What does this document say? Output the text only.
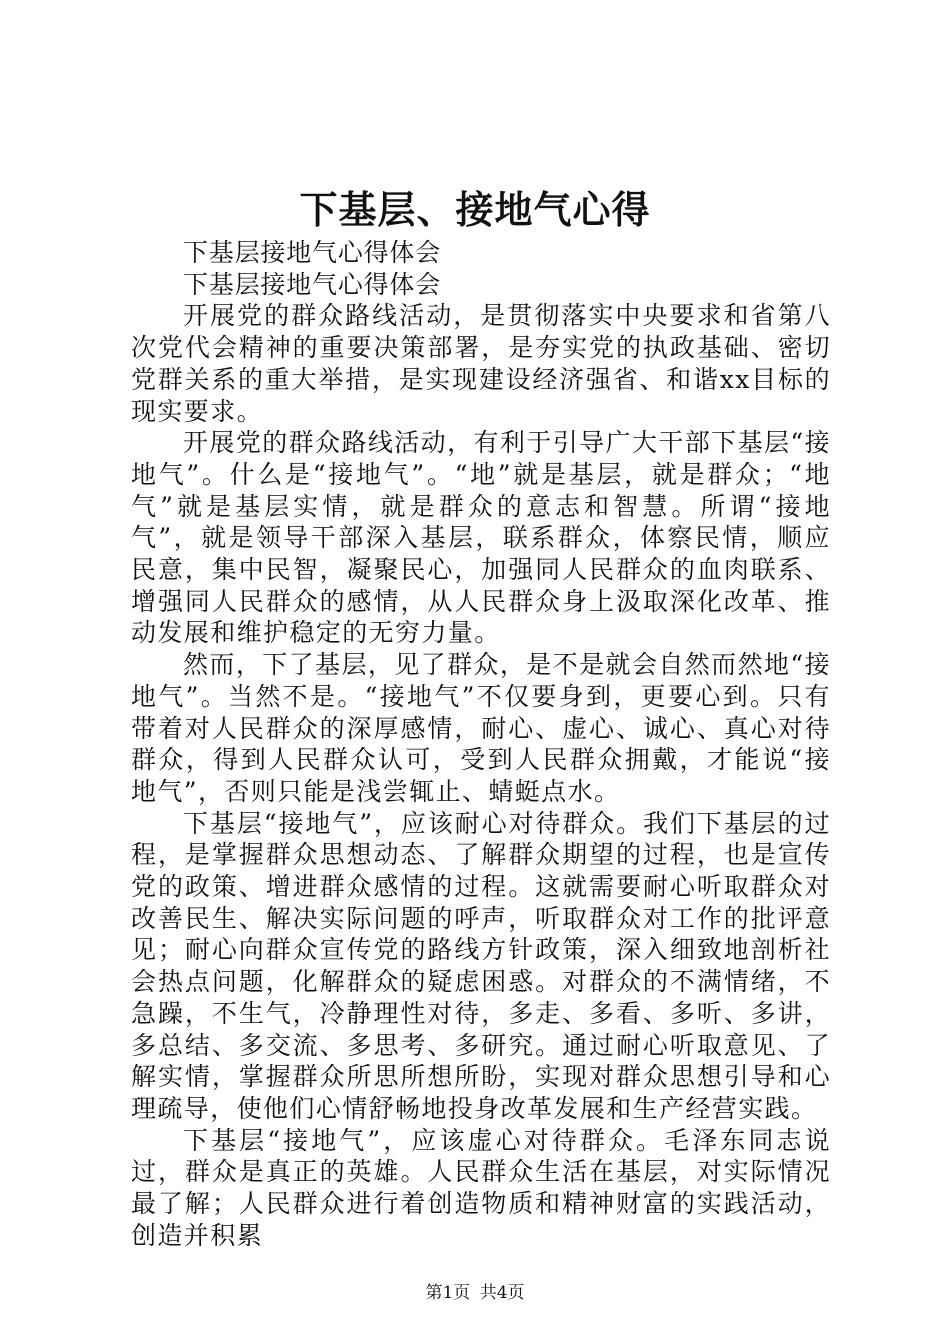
下基层、接地气心得

下基层接地气心得体会

下基层接地气心得体会

开展党的群众路线活动，是贯彻落实中央要求和省第八次党代会精神的重要决策部署，是夯实党的执政基础、密切党群关系的重大举措，是实现建设经济强省、和谐xx目标的现实要求。

开展党的群众路线活动，有利于引导广大干部下基层“接地气”。什么是“接地气”。“地”就是基层，就是群众；“地气”就是基层实情，就是群众的意志和智慧。所谓“接地气”，就是领导干部深入基层，联系群众，体察民情，顺应民意，集中民智，凝聚民心，加强同人民群众的血肉联系、增强同人民群众的感情，从人民群众身上汲取深化改革、推动发展和维护稳定的无穷力量。

然而，下了基层，见了群众，是不是就会自然而然地“接地气”。当然不是。“接地气”不仅要身到，更要心到。只有带着对人民群众的深厚感情，耐心、虚心、诚心、真心对待群众，得到人民群众认可，受到人民群众拥戴，才能说“接地气”，否则只能是浅尝辄止、蜻蜓点水。

下基层“接地气”，应该耐心对待群众。我们下基层的过程，是掌握群众思想动态、了解群众期望的过程，也是宣传党的政策、增进群众感情的过程。这就需要耐心听取群众对改善民生、解决实际问题的呼声，听取群众对工作的批评意见；耐心向群众宣传党的路线方针政策，深入细致地剖析社会热点问题，化解群众的疑虑困惑。对群众的不满情绪，不急躁，不生气，冷静理性对待，多走、多看、多听、多讲，多总结、多交流、多思考、多研究。通过耐心听取意见、了解实情，掌握群众所思所想所盼，实现对群众思想引导和心理疏导，使他们心情舒畅地投身改革发展和生产经营实践。

下基层“接地气”，应该虚心对待群众。毛泽东同志说过，群众是真正的英雄。人民群众生活在基层，对实际情况最了解；人民群众进行着创造物质和精神财富的实践活动，创造并积累

第1页 共4页
